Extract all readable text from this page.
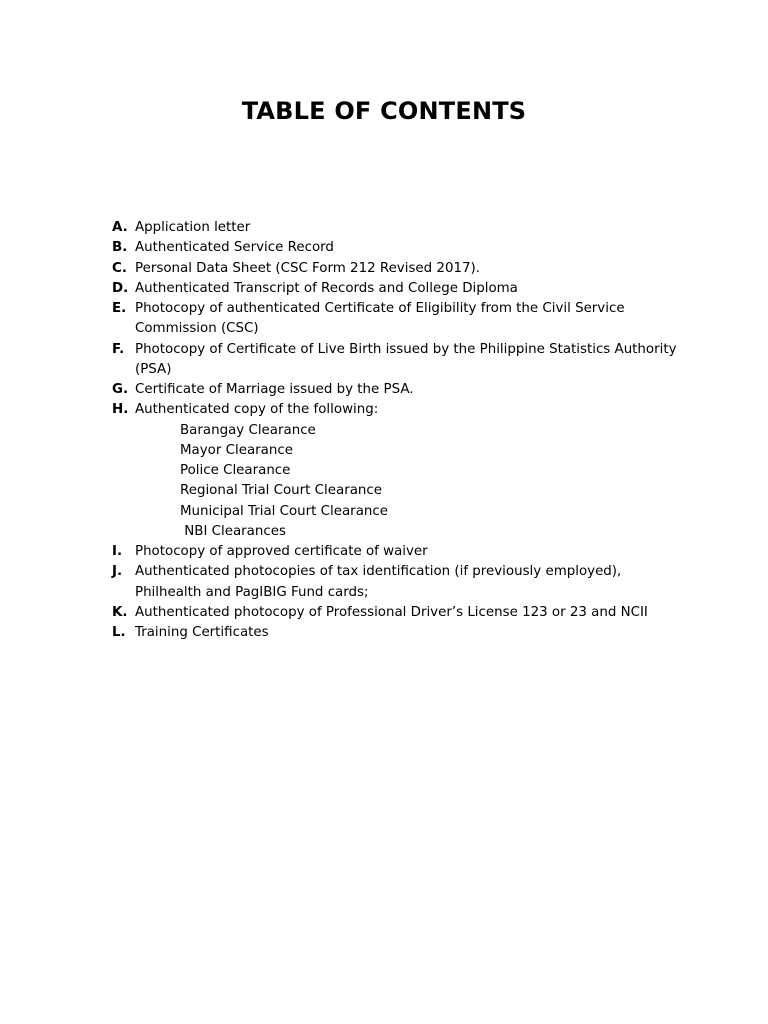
TABLE OF CONTENTS
A. Application letter
B. Authenticated Service Record
C. Personal Data Sheet (CSC Form 212 Revised 2017).
D. Authenticated Transcript of Records and College Diploma
E. Photocopy of authenticated Certificate of Eligibility from the Civil Service
Commission (CSC)
F. Photocopy of Certificate of Live Birth issued by the Philippine Statistics Authority
(PSA)
G. Certificate of Marriage issued by the PSA.
H. Authenticated copy of the following:
Barangay Clearance
Mayor Clearance
Police Clearance
Regional Trial Court Clearance
Municipal Trial Court Clearance
NBI Clearances
I. Photocopy of approved certificate of waiver
J. Authenticated photocopies of tax identification (if previously employed),
Philhealth and PagIBIG Fund cards;
K. Authenticated photocopy of Professional Driver’s License 123 or 23 and NCII
L. Training Certificates
